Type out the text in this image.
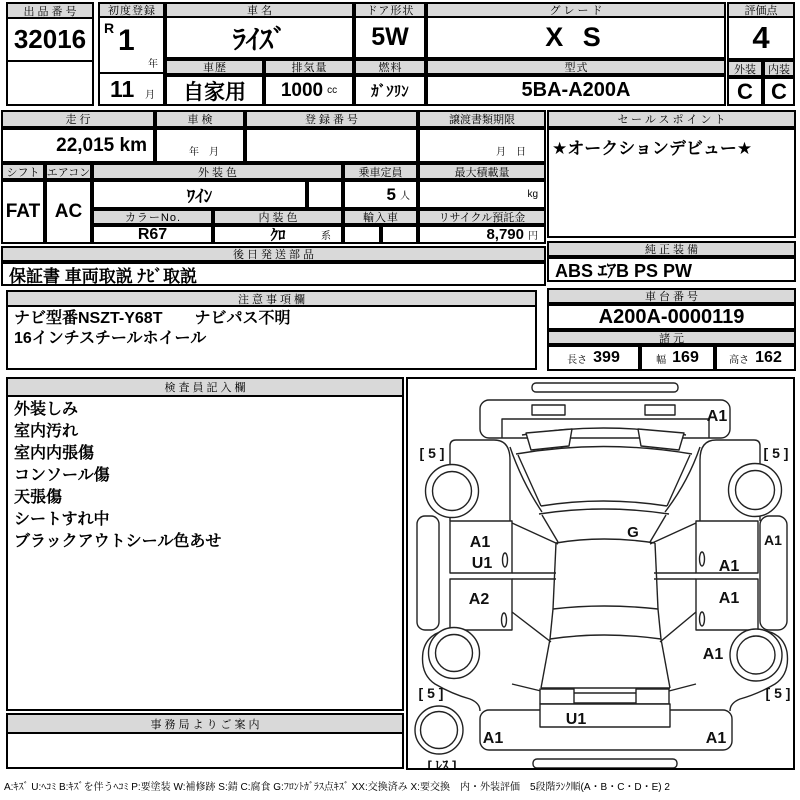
出品番号
32016
初度登録
R 1
年
11 月
車名
ﾗｲｽﾞ
車歴
自家用
排気量
1000 cc
ドア形状
5W
燃料
ｶﾞｿﾘﾝ
グレード
X S
型式
5BA-A200A
評価点
4
外装	内装
C C
走行
22,015 km
車検
年　月
登録番号	譲渡書類期限
月　日
シフト エアコン	外装色	乗車定員	最大積載量
FAT AC
ﾜｲﾝ	5 人	kg
カラーNo.	内装色	輸入車	リサイクル預託金
R67	ｸﾛ	系	8,790 円
後日発送部品
保証書 車両取説 ﾅﾋﾞ取説
注意事項欄
ナビ型番NSZT-Y68T　　ナビパス不明
16インチスチールホイール
セールスポイント
★オークションデビュー★
純正装備
ABS ｴｱB PS PW
車台番号
A200A-0000119
諸元
長さ 399	幅 169	高さ 162
検査員記入欄
外装しみ
室内汚れ
室内内張傷
コンソール傷
天張傷
シートすれ中
ブラックアウトシール色あせ
事務局よりご案内
A1
[ 5 ]	[ 5 ]
G
A1
U1
A2
A1
A1
A1
A1
U1
A1	A1
[ 5 ]	[ 5 ]
[ ﾚｽ ]
A:ｷｽﾞ U:ﾍｺﾐ B:ｷｽﾞを伴うﾍｺﾐ P:要塗装 W:補修跡 S:錆 C:腐食 G:ﾌﾛﾝﾄｶﾞﾗｽ点ｷｽﾞ XX:交換済み X:要交換　内・外装評価　5段階ﾗﾝｸ順(A・B・C・D・E) 2
